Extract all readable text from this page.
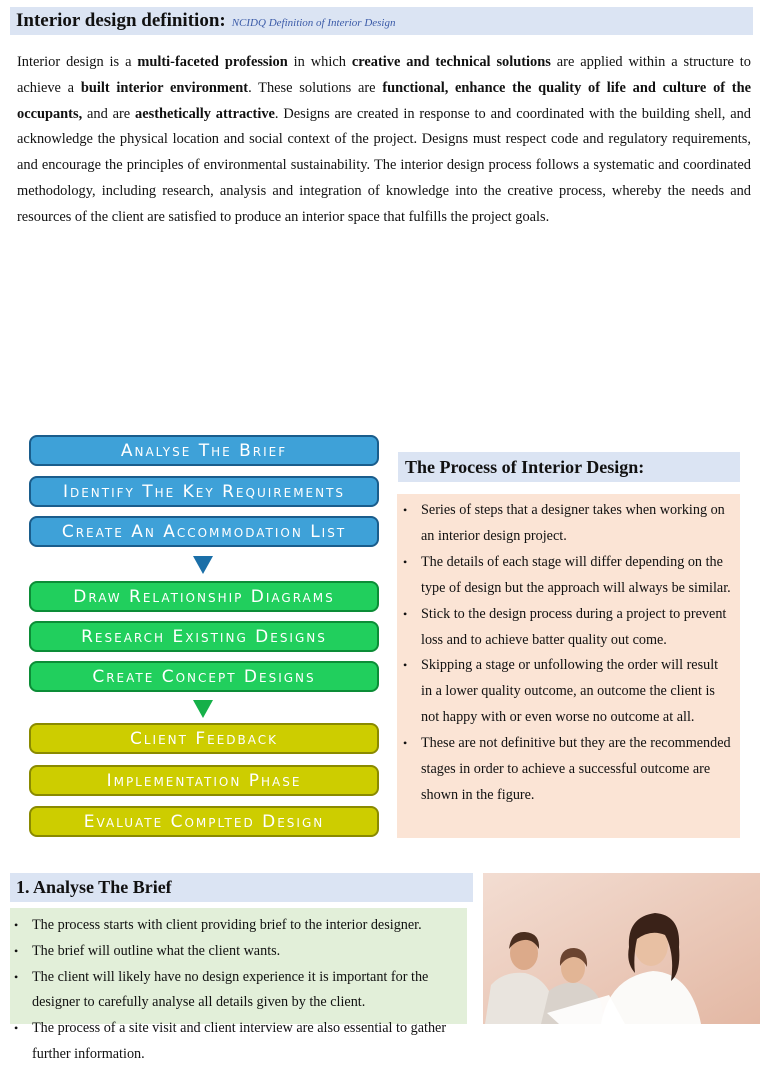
Interior design definition: NCIDQ Definition of Interior Design

Interior design is a multi-faceted profession in which creative and technical solutions are applied within a structure to achieve a built interior environment. These solutions are functional, enhance the quality of life and culture of the occupants, and are aesthetically attractive. Designs are created in response to and coordinated with the building shell, and acknowledge the physical location and social context of the project. Designs must respect code and regulatory requirements, and encourage the principles of environmental sustainability. The interior design process follows a systematic and coordinated methodology, including research, analysis and integration of knowledge into the creative process, whereby the needs and resources of the client are satisfied to produce an interior space that fulfills the project goals.

Analyse The Brief
Identify The Key Requirements
Create An Accommodation List
Draw Relationship Diagrams
Research Existing Designs
Create Concept Designs
Client Feedback
Implementation Phase
Evaluate Complted Design
The Process of Interior Design:
• Series of steps that a designer takes when working on an interior design project.
• The details of each stage will differ depending on the type of design but the approach will always be similar.
• Stick to the design process during a project to prevent loss and to achieve batter quality out come.
• Skipping a stage or unfollowing the order will result in a lower quality outcome, an outcome the client is not happy with or even worse no outcome at all.
• These are not definitive but they are the recommended stages in order to achieve a successful outcome are shown in the figure.
1. Analyse The Brief
• The process starts with client providing brief to the interior designer.
• The brief will outline what the client wants.
• The client will likely have no design experience it is important for the designer to carefully analyse all details given by the client.
• The process of a site visit and client interview are also essential to gather further information.
